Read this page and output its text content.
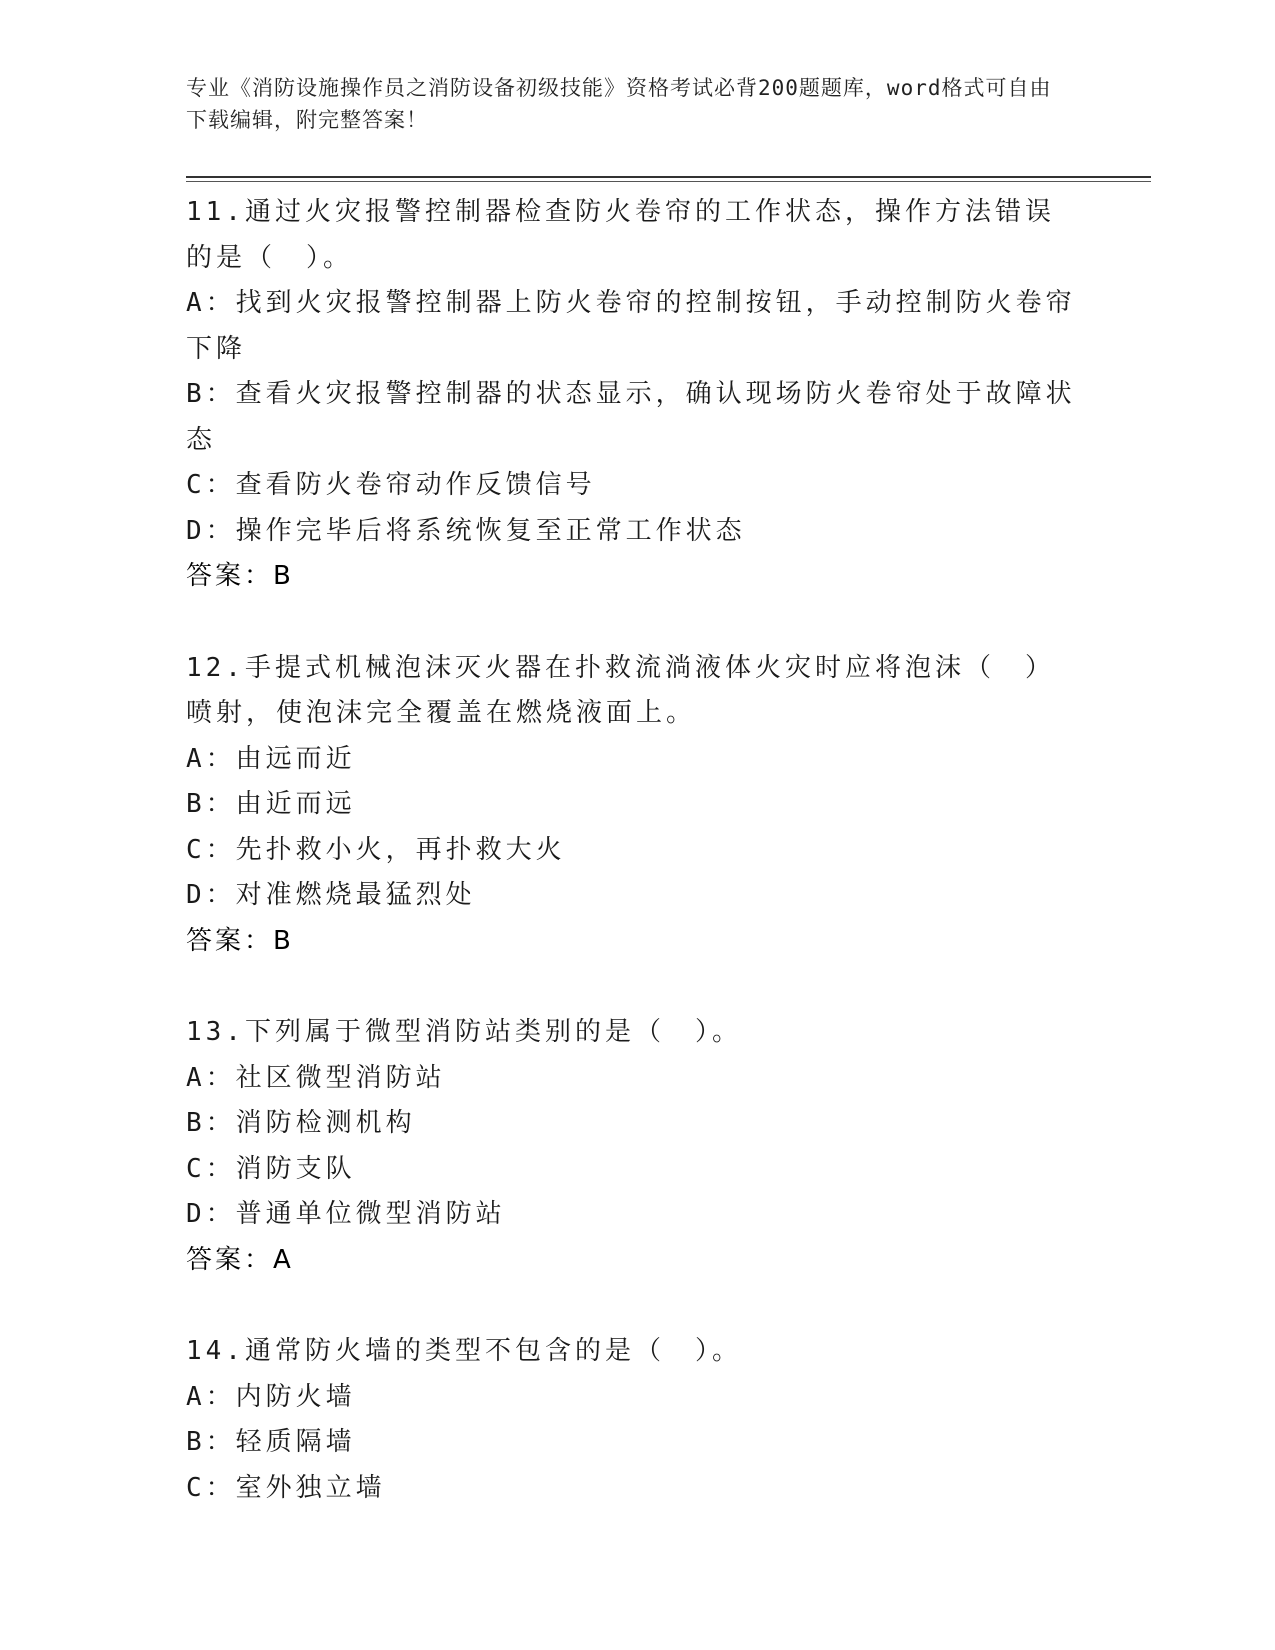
专业《消防设施操作员之消防设备初级技能》资格考试必背200题题库，word格式可自由下载编辑，附完整答案！
11.通过火灾报警控制器检查防火卷帘的工作状态，操作方法错误的是（　）。
A：找到火灾报警控制器上防火卷帘的控制按钮，手动控制防火卷帘下降
B：查看火灾报警控制器的状态显示，确认现场防火卷帘处于故障状态
C：查看防火卷帘动作反馈信号
D：操作完毕后将系统恢复至正常工作状态
答案：B
12.手提式机械泡沫灭火器在扑救流淌液体火灾时应将泡沫（　）喷射，使泡沫完全覆盖在燃烧液面上。
A：由远而近
B：由近而远
C：先扑救小火，再扑救大火
D：对准燃烧最猛烈处
答案：B
13.下列属于微型消防站类别的是（　）。
A：社区微型消防站
B：消防检测机构
C：消防支队
D：普通单位微型消防站
答案：A
14.通常防火墙的类型不包含的是（　）。
A：内防火墙
B：轻质隔墙
C：室外独立墙
